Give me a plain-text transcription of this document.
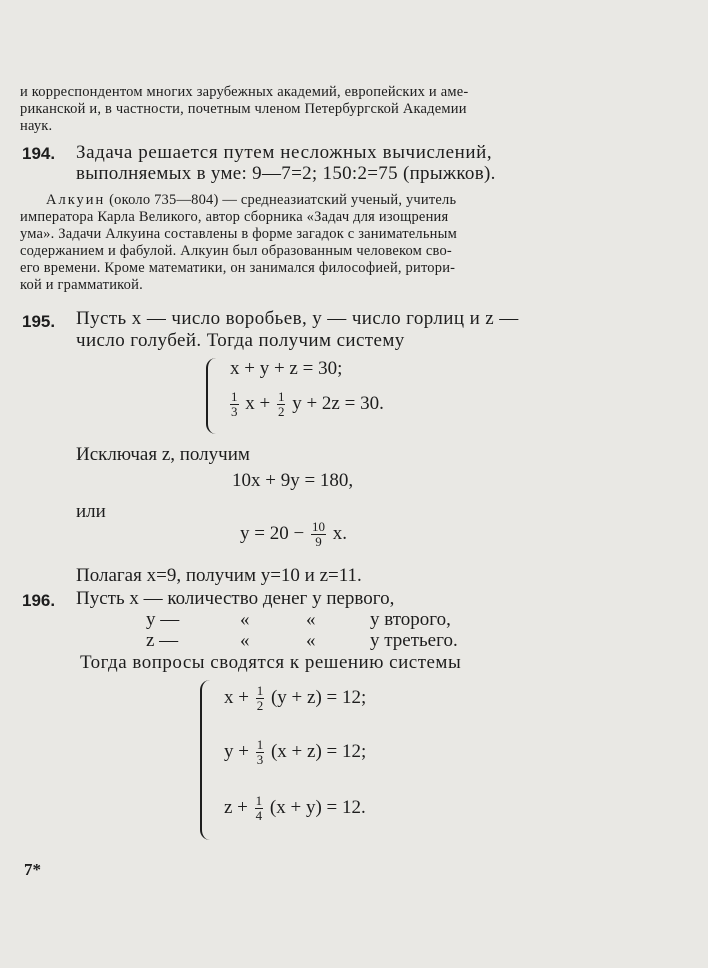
и корреспондентом многих зарубежных академий, европейских и аме-
риканской и, в частности, почетным членом Петербургской Академии
наук.
194. Задача решается путем несложных вычислений,
выполняемых в уме: 9—7=2; 150:2=75 (прыжков).
Алкуин (около 735—804) — среднеазиатский ученый, учитель
императора Карла Великого, автор сборника «Задач для изощрения
ума». Задачи Алкуина составлены в форме загадок с занимательным
содержанием и фабулой. Алкуин был образованным человеком сво-
его времени. Кроме математики, он занимался философией, ритори-
кой и грамматикой.
195. Пусть x — число воробьев, y — число горлиц и z —
число голубей. Тогда получим систему
x + y + z = 30;
$\frac{1}{3}$ $x + \frac{1}{2}$ y + 2z = 30.
Исключая z, получим
10x + 9y = 180,
или
$y = 20 - \frac{10}{9} x$.
Полагая x=9, получим y=10 и z=11.
196. Пусть x — количество денег у первого,
y —	«	«	у второго,
z —	«	«	у третьего.
Тогда вопросы сводятся к решению системы
$x + \frac{1}{2} (y + z) = 12$;
$y + \frac{1}{3} (x + z) = 12$;
$z + \frac{1}{4} (x + y) = 12$.
7*
